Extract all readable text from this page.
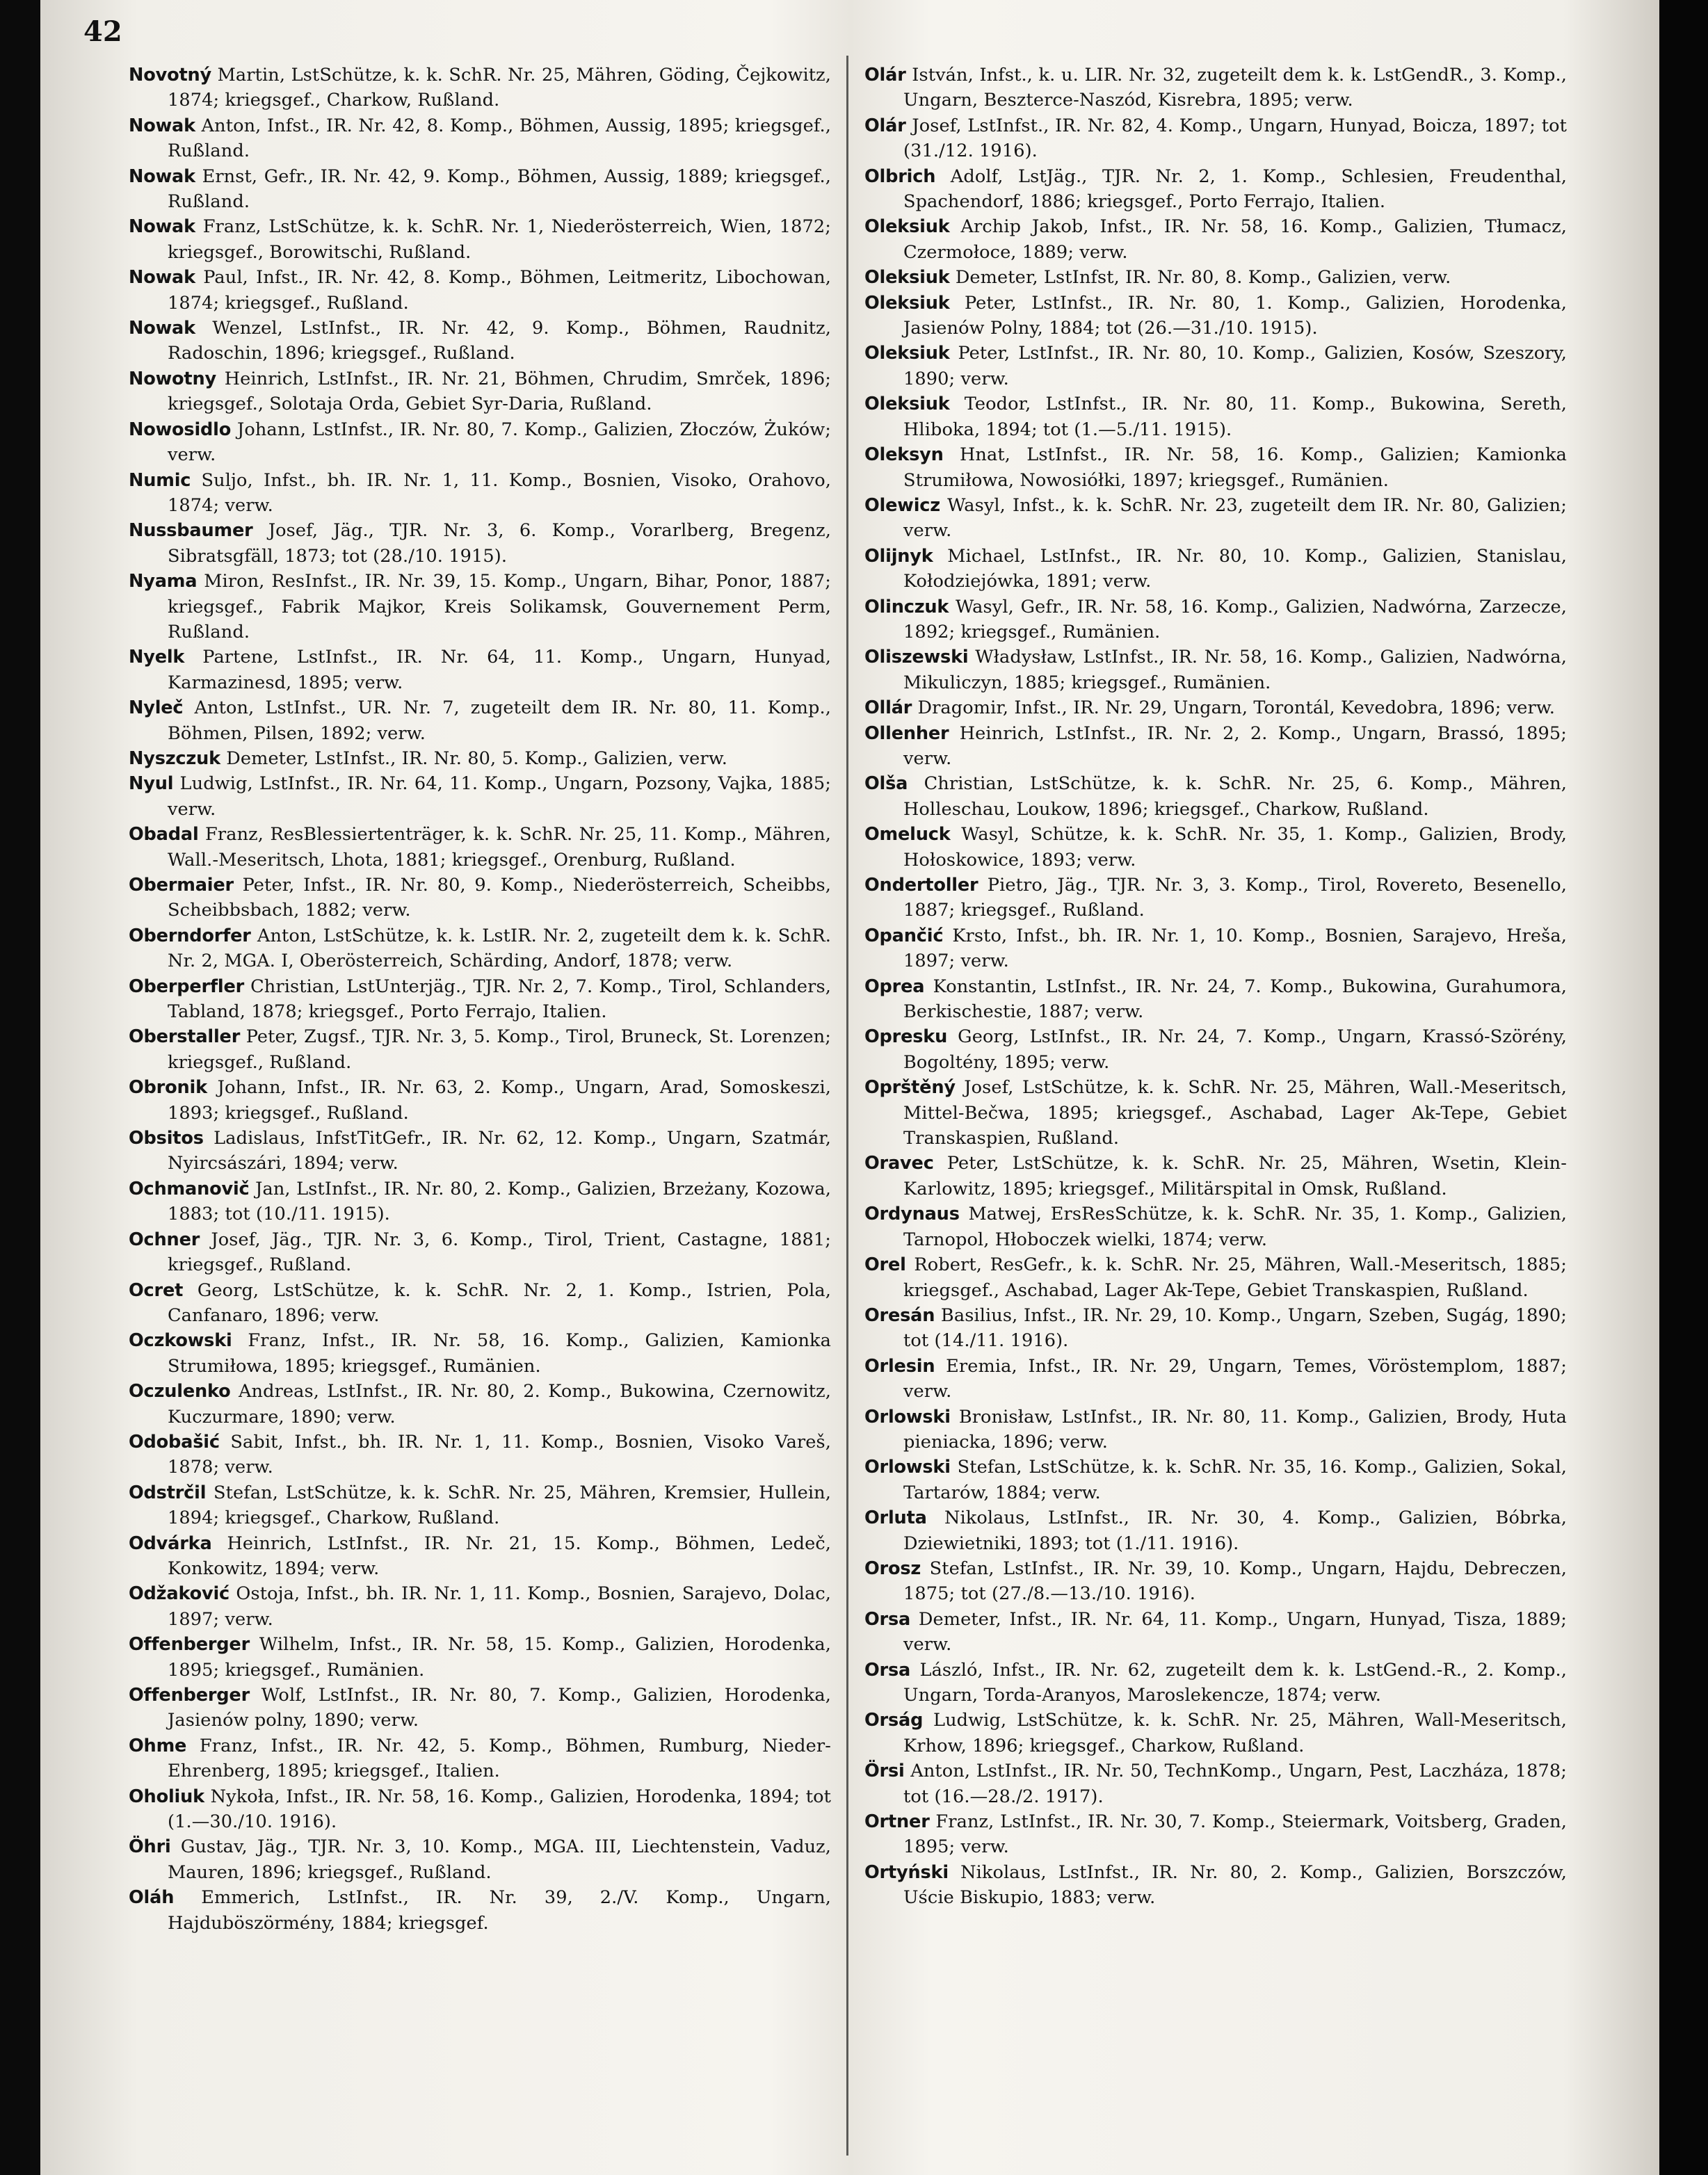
42

Novotný Martin, LstSchütze, k. k. SchR. Nr. 25, Mähren, Göding, Čejkowitz, 1874; kriegsgef., Charkow, Rußland.

Nowak Anton, Infst., IR. Nr. 42, 8. Komp., Böhmen, Aussig, 1895; kriegsgef., Rußland.

Nowak Ernst, Gefr., IR. Nr. 42, 9. Komp., Böhmen, Aussig, 1889; kriegsgef., Rußland.

Nowak Franz, LstSchütze, k. k. SchR. Nr. 1, Niederösterreich, Wien, 1872; kriegsgef., Borowitschi, Rußland.

Nowak Paul, Infst., IR. Nr. 42, 8. Komp., Böhmen, Leitmeritz, Libochowan, 1874; kriegsgef., Rußland.

Nowak Wenzel, LstInfst., IR. Nr. 42, 9. Komp., Böhmen, Raudnitz, Radoschin, 1896; kriegsgef., Rußland.

Nowotny Heinrich, LstInfst., IR. Nr. 21, Böhmen, Chrudim, Smrček, 1896; kriegsgef., Solotaja Orda, Gebiet Syr-Daria, Rußland.

Nowosidlo Johann, LstInfst., IR. Nr. 80, 7. Komp., Galizien, Złoczów, Żuków; verw.

Numic Suljo, Infst., bh. IR. Nr. 1, 11. Komp., Bosnien, Visoko, Orahovo, 1874; verw.

Nussbaumer Josef, Jäg., TJR. Nr. 3, 6. Komp., Vorarlberg, Bregenz, Sibratsgfäll, 1873; tot (28./10. 1915).

Nyama Miron, ResInfst., IR. Nr. 39, 15. Komp., Ungarn, Bihar, Ponor, 1887; kriegsgef., Fabrik Majkor, Kreis Solikamsk, Gouvernement Perm, Rußland.

Nyelk Partene, LstInfst., IR. Nr. 64, 11. Komp., Ungarn, Hunyad, Karmazinesd, 1895; verw.

Nyleč Anton, LstInfst., UR. Nr. 7, zugeteilt dem IR. Nr. 80, 11. Komp., Böhmen, Pilsen, 1892; verw.

Nyszczuk Demeter, LstInfst., IR. Nr. 80, 5. Komp., Galizien, verw.

Nyul Ludwig, LstInfst., IR. Nr. 64, 11. Komp., Ungarn, Pozsony, Vajka, 1885; verw.

Obadal Franz, ResBlessiertenträger, k. k. SchR. Nr. 25, 11. Komp., Mähren, Wall.-Meseritsch, Lhota, 1881; kriegsgef., Orenburg, Rußland.

Obermaier Peter, Infst., IR. Nr. 80, 9. Komp., Niederösterreich, Scheibbs, Scheibbsbach, 1882; verw.

Oberndorfer Anton, LstSchütze, k. k. LstIR. Nr. 2, zugeteilt dem k. k. SchR. Nr. 2, MGA. I, Oberösterreich, Schärding, Andorf, 1878; verw.

Oberperfler Christian, LstUnterjäg., TJR. Nr. 2, 7. Komp., Tirol, Schlanders, Tabland, 1878; kriegsgef., Porto Ferrajo, Italien.

Oberstaller Peter, Zugsf., TJR. Nr. 3, 5. Komp., Tirol, Bruneck, St. Lorenzen; kriegsgef., Rußland.

Obronik Johann, Infst., IR. Nr. 63, 2. Komp., Ungarn, Arad, Somoskeszi, 1893; kriegsgef., Rußland.

Obsitos Ladislaus, InfstTitGefr., IR. Nr. 62, 12. Komp., Ungarn, Szatmár, Nyircsászári, 1894; verw.

Ochmanovič Jan, LstInfst., IR. Nr. 80, 2. Komp., Galizien, Brzeżany, Kozowa, 1883; tot (10./11. 1915).

Ochner Josef, Jäg., TJR. Nr. 3, 6. Komp., Tirol, Trient, Castagne, 1881; kriegsgef., Rußland.

Ocret Georg, LstSchütze, k. k. SchR. Nr. 2, 1. Komp., Istrien, Pola, Canfanaro, 1896; verw.

Oczkowski Franz, Infst., IR. Nr. 58, 16. Komp., Galizien, Kamionka Strumiłowa, 1895; kriegsgef., Rumänien.

Oczulenko Andreas, LstInfst., IR. Nr. 80, 2. Komp., Bukowina, Czernowitz, Kuczurmare, 1890; verw.

Odobašić Sabit, Infst., bh. IR. Nr. 1, 11. Komp., Bosnien, Visoko Vareš, 1878; verw.

Odstrčil Stefan, LstSchütze, k. k. SchR. Nr. 25, Mähren, Kremsier, Hullein, 1894; kriegsgef., Charkow, Rußland.

Odvárka Heinrich, LstInfst., IR. Nr. 21, 15. Komp., Böhmen, Ledeč, Konkowitz, 1894; verw.

Odžaković Ostoja, Infst., bh. IR. Nr. 1, 11. Komp., Bosnien, Sarajevo, Dolac, 1897; verw.

Offenberger Wilhelm, Infst., IR. Nr. 58, 15. Komp., Galizien, Horodenka, 1895; kriegsgef., Rumänien.

Offenberger Wolf, LstInfst., IR. Nr. 80, 7. Komp., Galizien, Horodenka, Jasienów polny, 1890; verw.

Ohme Franz, Infst., IR. Nr. 42, 5. Komp., Böhmen, Rumburg, Nieder-Ehrenberg, 1895; kriegsgef., Italien.

Oholiuk Nykoła, Infst., IR. Nr. 58, 16. Komp., Galizien, Horodenka, 1894; tot (1.—30./10. 1916).

Öhri Gustav, Jäg., TJR. Nr. 3, 10. Komp., MGA. III, Liechtenstein, Vaduz, Mauren, 1896; kriegsgef., Rußland.

Oláh Emmerich, LstInfst., IR. Nr. 39, 2./V. Komp., Ungarn, Hajduböszörmény, 1884; kriegsgef.

Olár István, Infst., k. u. LIR. Nr. 32, zugeteilt dem k. k. LstGendR., 3. Komp., Ungarn, Beszterce-Naszód, Kisrebra, 1895; verw.

Olár Josef, LstInfst., IR. Nr. 82, 4. Komp., Ungarn, Hunyad, Boicza, 1897; tot (31./12. 1916).

Olbrich Adolf, LstJäg., TJR. Nr. 2, 1. Komp., Schlesien, Freudenthal, Spachendorf, 1886; kriegsgef., Porto Ferrajo, Italien.

Oleksiuk Archip Jakob, Infst., IR. Nr. 58, 16. Komp., Galizien, Tłumacz, Czermołoce, 1889; verw.

Oleksiuk Demeter, LstInfst, IR. Nr. 80, 8. Komp., Galizien, verw.

Oleksiuk Peter, LstInfst., IR. Nr. 80, 1. Komp., Galizien, Horodenka, Jasienów Polny, 1884; tot (26.—31./10. 1915).

Oleksiuk Peter, LstInfst., IR. Nr. 80, 10. Komp., Galizien, Kosów, Szeszory, 1890; verw.

Oleksiuk Teodor, LstInfst., IR. Nr. 80, 11. Komp., Bukowina, Sereth, Hliboka, 1894; tot (1.—5./11. 1915).

Oleksyn Hnat, LstInfst., IR. Nr. 58, 16. Komp., Galizien; Kamionka Strumiłowa, Nowosiółki, 1897; kriegsgef., Rumänien.

Olewicz Wasyl, Infst., k. k. SchR. Nr. 23, zugeteilt dem IR. Nr. 80, Galizien; verw.

Olijnyk Michael, LstInfst., IR. Nr. 80, 10. Komp., Galizien, Stanislau, Kołodziejówka, 1891; verw.

Olinczuk Wasyl, Gefr., IR. Nr. 58, 16. Komp., Galizien, Nadwórna, Zarzecze, 1892; kriegsgef., Rumänien.

Oliszewski Władysław, LstInfst., IR. Nr. 58, 16. Komp., Galizien, Nadwórna, Mikuliczyn, 1885; kriegsgef., Rumänien.

Ollár Dragomir, Infst., IR. Nr. 29, Ungarn, Torontál, Kevedobra, 1896; verw.

Ollenher Heinrich, LstInfst., IR. Nr. 2, 2. Komp., Ungarn, Brassó, 1895; verw.

Olša Christian, LstSchütze, k. k. SchR. Nr. 25, 6. Komp., Mähren, Holleschau, Loukow, 1896; kriegsgef., Charkow, Rußland.

Omeluck Wasyl, Schütze, k. k. SchR. Nr. 35, 1. Komp., Galizien, Brody, Hołoskowice, 1893; verw.

Ondertoller Pietro, Jäg., TJR. Nr. 3, 3. Komp., Tirol, Rovereto, Besenello, 1887; kriegsgef., Rußland.

Opančić Krsto, Infst., bh. IR. Nr. 1, 10. Komp., Bosnien, Sarajevo, Hreša, 1897; verw.

Oprea Konstantin, LstInfst., IR. Nr. 24, 7. Komp., Bukowina, Gurahumora, Berkischestie, 1887; verw.

Opresku Georg, LstInfst., IR. Nr. 24, 7. Komp., Ungarn, Krassó-Szörény, Bogoltény, 1895; verw.

Oprštěný Josef, LstSchütze, k. k. SchR. Nr. 25, Mähren, Wall.-Meseritsch, Mittel-Bečwa, 1895; kriegsgef., Aschabad, Lager Ak-Tepe, Gebiet Transkaspien, Rußland.

Oravec Peter, LstSchütze, k. k. SchR. Nr. 25, Mähren, Wsetin, Klein-Karlowitz, 1895; kriegsgef., Militärspital in Omsk, Rußland.

Ordynaus Matwej, ErsResSchütze, k. k. SchR. Nr. 35, 1. Komp., Galizien, Tarnopol, Hłoboczek wielki, 1874; verw.

Orel Robert, ResGefr., k. k. SchR. Nr. 25, Mähren, Wall.-Meseritsch, 1885; kriegsgef., Aschabad, Lager Ak-Tepe, Gebiet Transkaspien, Rußland.

Oresán Basilius, Infst., IR. Nr. 29, 10. Komp., Ungarn, Szeben, Sugág, 1890; tot (14./11. 1916).

Orlesin Eremia, Infst., IR. Nr. 29, Ungarn, Temes, Vöröstemplom, 1887; verw.

Orlowski Bronisław, LstInfst., IR. Nr. 80, 11. Komp., Galizien, Brody, Huta pieniacka, 1896; verw.

Orlowski Stefan, LstSchütze, k. k. SchR. Nr. 35, 16. Komp., Galizien, Sokal, Tartarów, 1884; verw.

Orluta Nikolaus, LstInfst., IR. Nr. 30, 4. Komp., Galizien, Bóbrka, Dziewietniki, 1893; tot (1./11. 1916).

Orosz Stefan, LstInfst., IR. Nr. 39, 10. Komp., Ungarn, Hajdu, Debreczen, 1875; tot (27./8.—13./10. 1916).

Orsa Demeter, Infst., IR. Nr. 64, 11. Komp., Ungarn, Hunyad, Tisza, 1889; verw.

Orsa László, Infst., IR. Nr. 62, zugeteilt dem k. k. LstGend.-R., 2. Komp., Ungarn, Torda-Aranyos, Maroslekencze, 1874; verw.

Orság Ludwig, LstSchütze, k. k. SchR. Nr. 25, Mähren, Wall-Meseritsch, Krhow, 1896; kriegsgef., Charkow, Rußland.

Örsi Anton, LstInfst., IR. Nr. 50, TechnKomp., Ungarn, Pest, Laczháza, 1878; tot (16.—28./2. 1917).

Ortner Franz, LstInfst., IR. Nr. 30, 7. Komp., Steiermark, Voitsberg, Graden, 1895; verw.

Ortyński Nikolaus, LstInfst., IR. Nr. 80, 2. Komp., Galizien, Borszczów, Uście Biskupio, 1883; verw.
